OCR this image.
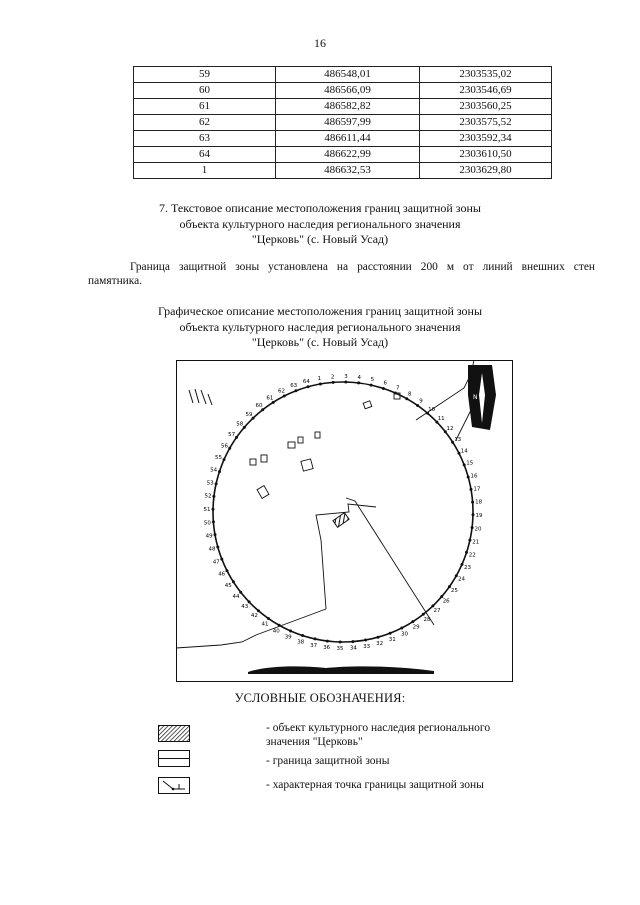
16
59	486548,01	2303535,02
60	486566,09	2303546,69
61	486582,82	2303560,25
62	486597,99	2303575,52
63	486611,44	2303592,34
64	486622,99	2303610,50
1	486632,53	2303629,80
7. Текстовое описание местоположения границ защитной зоны
объекта культурного наследия регионального значения
"Церковь" (с. Новый Усад)
Граница защитной зоны установлена на расстоянии 200 м от линий внешних стен
памятника.
Графическое описание местоположения границ защитной зоны
объекта культурного наследия регионального значения
"Церковь" (с. Новый Усад)
N
1 2 3 4 5
6
7
8
9
10
11
12
13
14
15
16
17
18
19
20
21
22
23
24
25
26
27
28
29
30
31
32
33
34
35
36
37
38
39
40
41
42
43
44
45
46
47
48
49
50
51
52
53
54
55
56
57
58
59
60
61
62
63
64
УСЛОВНЫЕ ОБОЗНАЧЕНИЯ:
- объект культурного наследия регионального
значения "Церковь"
- граница защитной зоны
- характерная точка границы защитной зоны
